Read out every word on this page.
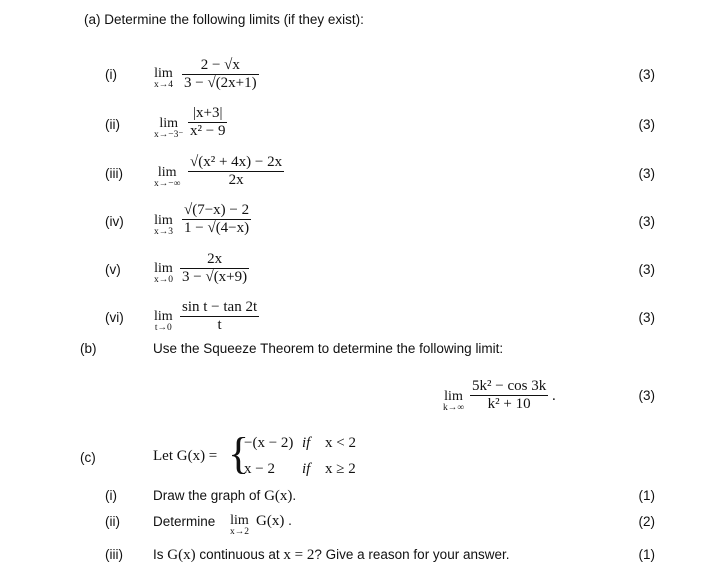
(a) Determine the following limits (if they exist):
(i)	lim
$x\to 4 \frac{2 - √x}{3 - √(2x+1)}$	(3)
(ii)	lim
$x\to-3^- \frac{|x+3|}{\text{x² − 9}}$	(3)
(iii) lim
$x\to-\infty \frac{\text{√(x² + 4x) − 2x}}{2x}$	(3)
(iv) lim
$x\to 3 \frac{√(7-x) - 2}{1 - √(4-x)}$	(3)
(v) lim
$x\to 0 \frac{2x}{3 - √(x+9)}$	(3)
(vi) lim
$t\to 0 \frac{\text{sin t − tan 2t}}{t}$	(3)
(b)	Use the Squeeze Theorem to determine the following limit:
lim
$k\to\infty \frac{\text{5k² − cos 3k}}{\text{k² + 10}}$ .	(3)
(c)	Let G(x) = {
−(x − 2) if x < 2
x − 2 if x ≥ 2
(i)	Draw the graph of G(x).	(1)
(ii) Determine lim
x→2
G(x) .	(2)
(iii) Is G(x) continuous at x = 2? Give a reason for your answer.	(1)
